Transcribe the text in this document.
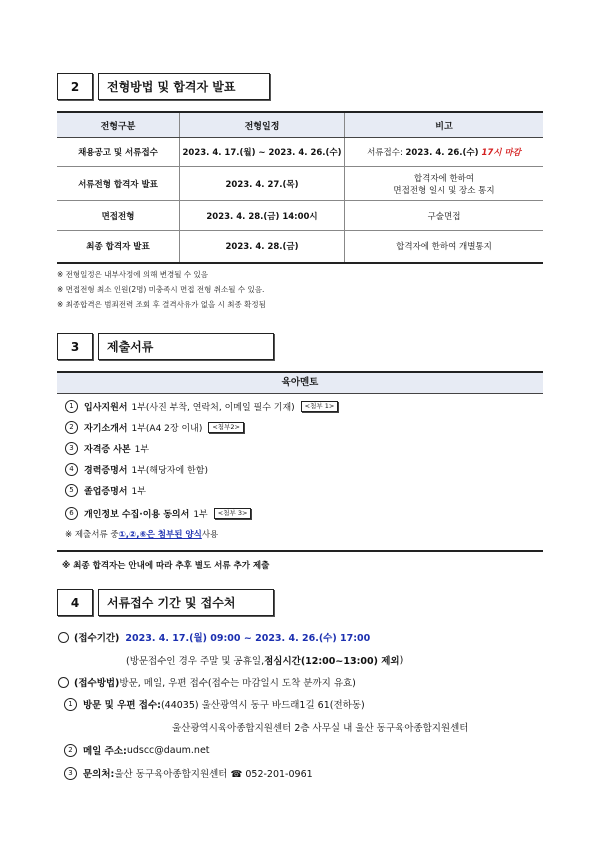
2	전형방법 및 합격자 발표
전형구분	전형일정	비고
채용공고 및 서류접수	2023. 4. 17.(월) ~ 2023. 4. 26.(수)	서류접수: 2023. 4. 26.(수) 17시 마감
서류전형 합격자 발표	2023. 4. 27.(목)	합격자에 한하여
면접전형 일시 및 장소 통지

면접전형	2023. 4. 28.(금) 14:00시	구술면접
최종 합격자 발표	2023. 4. 28.(금)	합격자에 한하여 개별통지
※ 전형일정은 내부사정에 의해 변경될 수 있음
※ 면접전형 최소 인원(2명) 미충족시 면접 전형 취소될 수 있음.
※ 최종합격은 범죄전력 조회 후 결격사유가 없을 시 최종 확정됨
3	제출서류
육아멘토
1	입사지원서 1부(사진 부착, 연락처, 이메일 필수 기재)	<첨부 1>
2	자기소개서 1부(A4 2장 이내)	<첨부2>
3	자격증 사본 1부
4	경력증명서 1부(해당자에 한함)
5	졸업증명서 1부
6	개인정보 수집·이용 동의서 1부	<첨부 3>
※ 제출서류 중 ①,②,⑥은 첨부된 양식 사용
※ 최종 합격자는 안내에 따라 추후 별도 서류 추가 제출
4	서류접수 기간 및 접수처
(접수기간) 2023. 4. 17.(월) 09:00 ~ 2023. 4. 26.(수) 17:00
(방문접수인 경우 주말 및 공휴일, 점심시간(12:00~13:00) 제외 )
(접수방법) 방문, 메일, 우편 접수(접수는 마감일시 도착 분까지 유효)
1	방문 및 우편 접수: (44035) 울산광역시 동구 바드래1길 61(전하동)
울산광역시육아종합지원센터 2층 사무실 내 울산 동구육아종합지원센터
2	메일 주소: udscc@daum.net
3	문의처: 울산 동구육아종합지원센터 ☎ 052-201-0961
